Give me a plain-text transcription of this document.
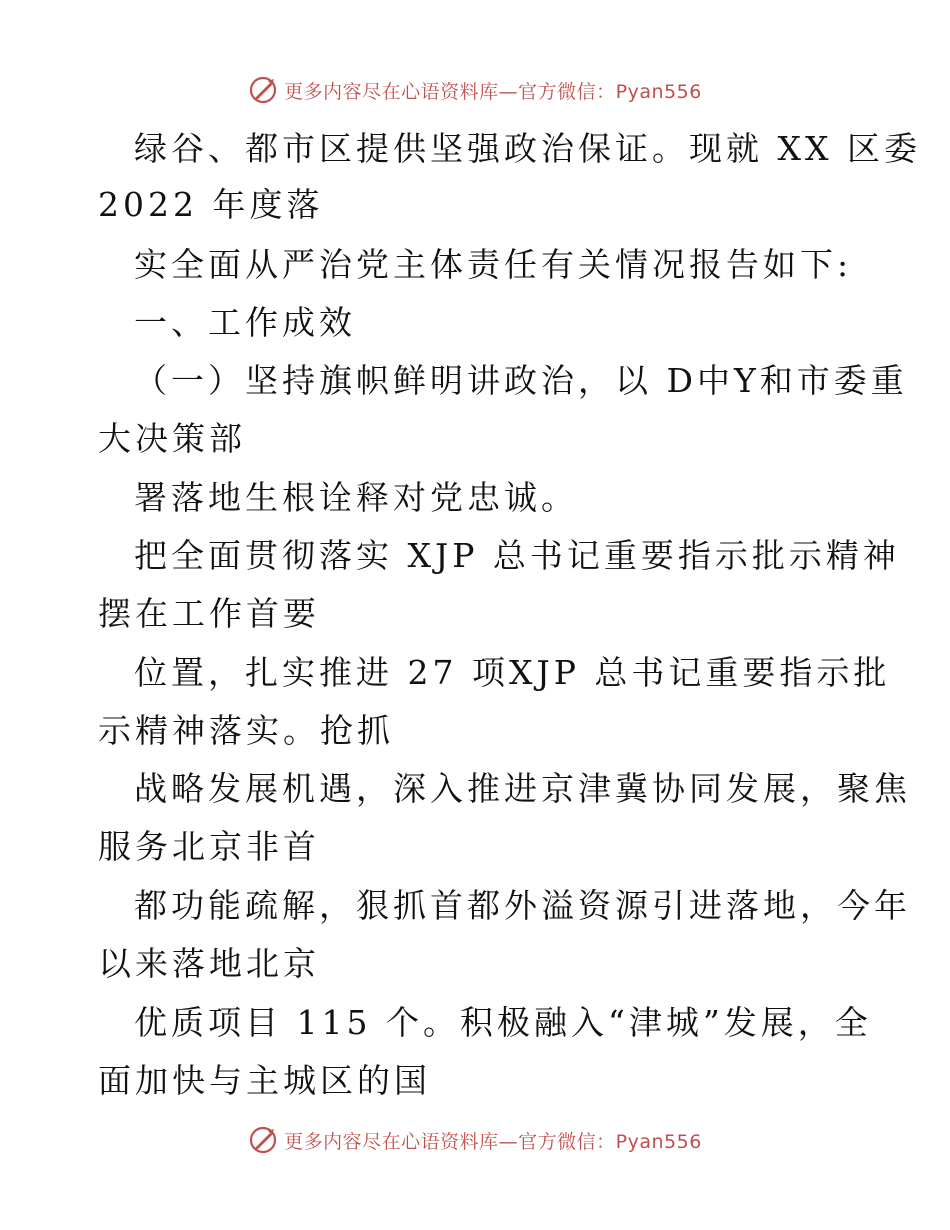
更多内容尽在心语资料库—官方微信：Pyan556
绿谷、都市区提供坚强政治保证。现就 XX 区委
2022 年度落
实全面从严治党主体责任有关情况报告如下:
一、工作成效
（一）坚持旗帜鲜明讲政治，以 D中Y和市委重
大决策部
署落地生根诠释对党忠诚。
把全面贯彻落实 XJP 总书记重要指示批示精神
摆在工作首要
位置，扎实推进 27 项XJP 总书记重要指示批
示精神落实。抢抓
战略发展机遇，深入推进京津冀协同发展，聚焦
服务北京非首
都功能疏解，狠抓首都外溢资源引进落地，今年
以来落地北京
优质项目 115 个。积极融入“津城”发展，全
面加快与主城区的国
更多内容尽在心语资料库—官方微信：Pyan556
